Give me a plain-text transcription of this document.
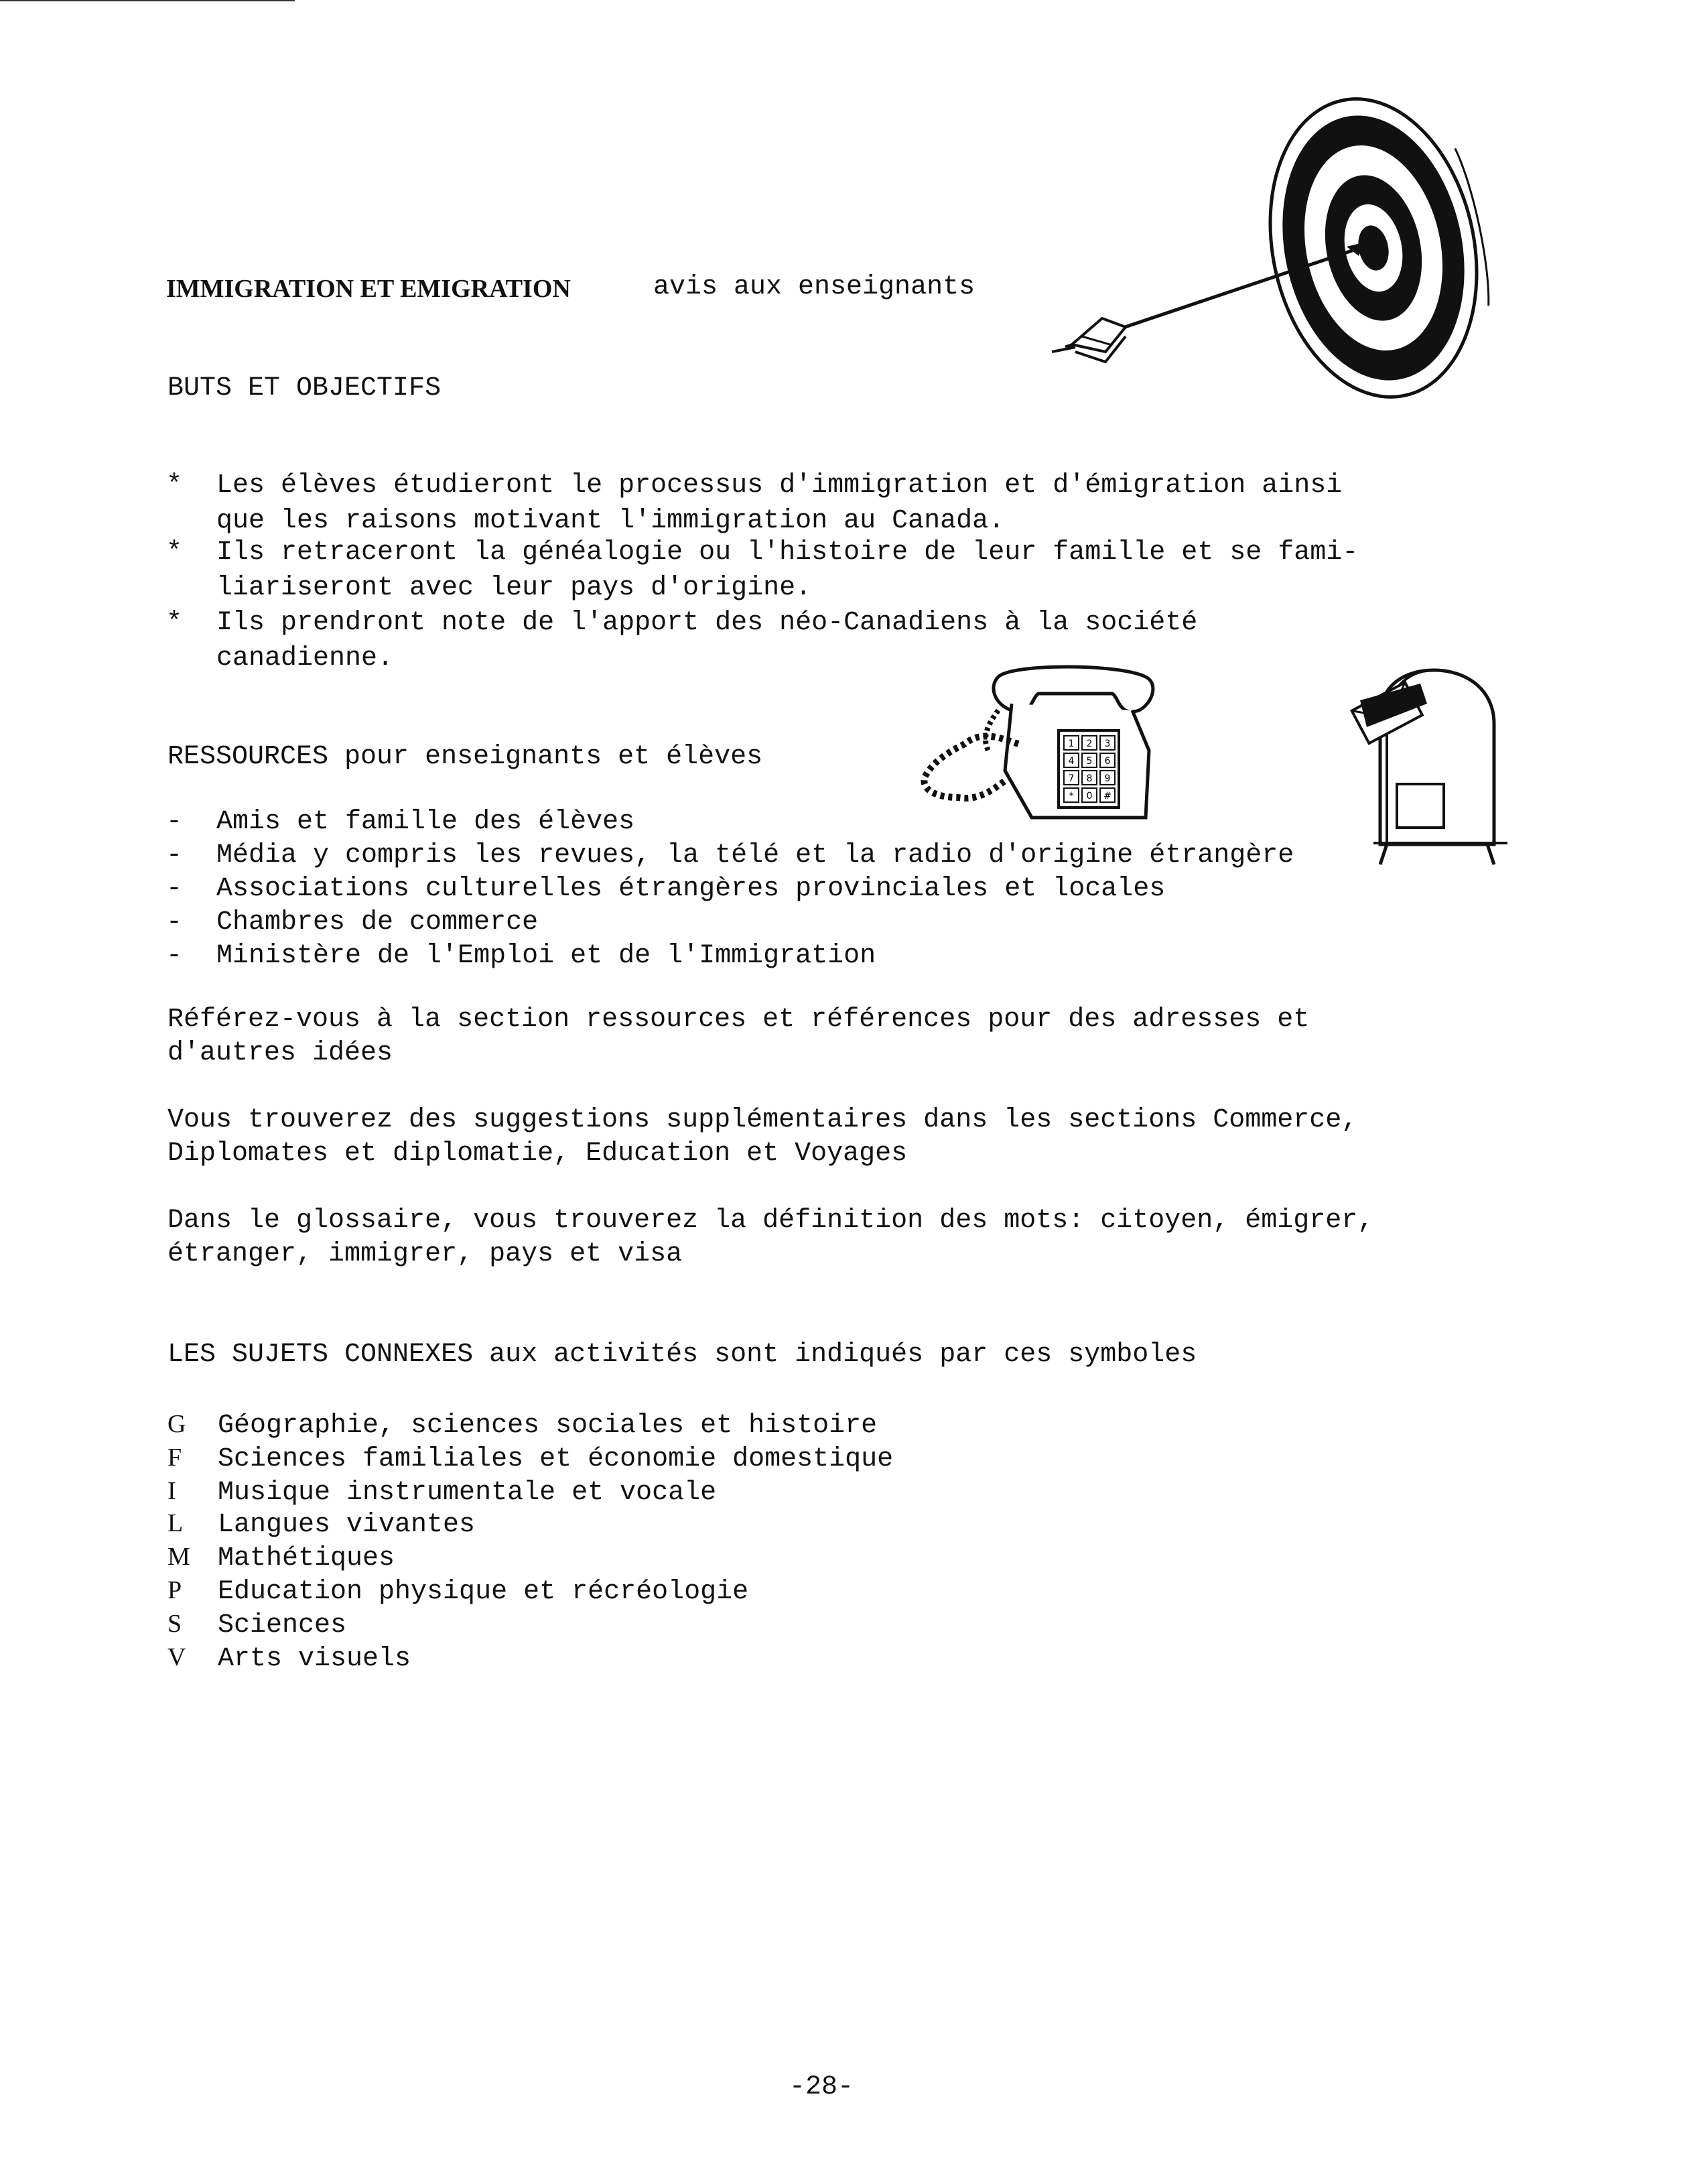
IMMIGRATION ET EMIGRATION	avis aux enseignants
BUTS ET OBJECTIFS
* Les élèves étudieront le processus d'immigration et d'émigration ainsi
que les raisons motivant l'immigration au Canada.
* Ils retraceront la généalogie ou l'histoire de leur famille et se fami-
liariseront avec leur pays d'origine.
* Ils prendront note de l'apport des néo-Canadiens à la société
canadienne.
1 2 3
4 5 6
7 8 9
* 0 #
RESSOURCES pour enseignants et élèves
- Amis et famille des élèves
- Média y compris les revues, la télé et la radio d'origine étrangère
- Associations culturelles étrangères provinciales et locales
- Chambres de commerce
- Ministère de l'Emploi et de l'Immigration
Référez-vous à la section ressources et références pour des adresses et
d'autres idées
Vous trouverez des suggestions supplémentaires dans les sections Commerce,
Diplomates et diplomatie, Education et Voyages
Dans le glossaire, vous trouverez la définition des mots: citoyen, émigrer,
étranger, immigrer, pays et visa
LES SUJETS CONNEXES aux activités sont indiqués par ces symboles
G Géographie, sciences sociales et histoire
F Sciences familiales et économie domestique
I Musique instrumentale et vocale
L Langues vivantes
M Mathétiques
P Education physique et récréologie
S Sciences
V Arts visuels
-28-
